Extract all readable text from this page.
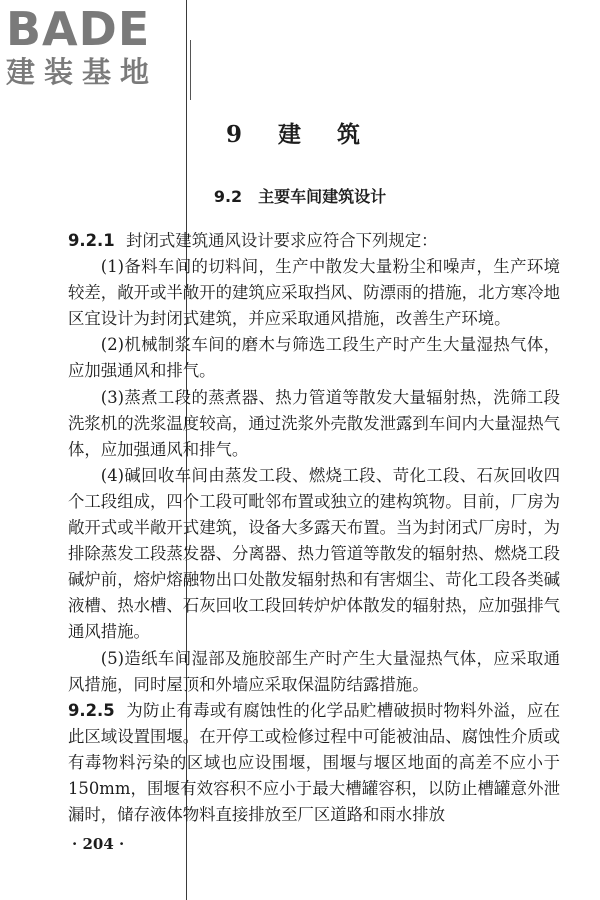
BADE
建装基地
9 建 筑
9.2　主要车间建筑设计

9.2.1 封闭式建筑通风设计要求应符合下列规定：

(1)备料车间的切料间，生产中散发大量粉尘和噪声，生产环境较差，敞开或半敞开的建筑应采取挡风、防漂雨的措施，北方寒冷地区宜设计为封闭式建筑，并应采取通风措施，改善生产环境。

(2)机械制浆车间的磨木与筛选工段生产时产生大量湿热气体，应加强通风和排气。

(3)蒸煮工段的蒸煮器、热力管道等散发大量辐射热，洗筛工段洗浆机的洗浆温度较高，通过洗浆外壳散发泄露到车间内大量湿热气体，应加强通风和排气。

(4)碱回收车间由蒸发工段、燃烧工段、苛化工段、石灰回收四个工段组成，四个工段可毗邻布置或独立的建构筑物。目前，厂房为敞开式或半敞开式建筑，设备大多露天布置。当为封闭式厂房时，为排除蒸发工段蒸发器、分离器、热力管道等散发的辐射热、燃烧工段碱炉前，熔炉熔融物出口处散发辐射热和有害烟尘、苛化工段各类碱液槽、热水槽、石灰回收工段回转炉炉体散发的辐射热，应加强排气通风措施。

(5)造纸车间湿部及施胶部生产时产生大量湿热气体，应采取通风措施，同时屋顶和外墙应采取保温防结露措施。

9.2.5 为防止有毒或有腐蚀性的化学品贮槽破损时物料外溢，应在此区域设置围堰。在开停工或检修过程中可能被油品、腐蚀性介质或有毒物料污染的区域也应设围堰，围堰与堰区地面的高差不应小于 150mm，围堰有效容积不应小于最大槽罐容积，以防止槽罐意外泄漏时，储存液体物料直接排放至厂区道路和雨水排放

· 204 ·
